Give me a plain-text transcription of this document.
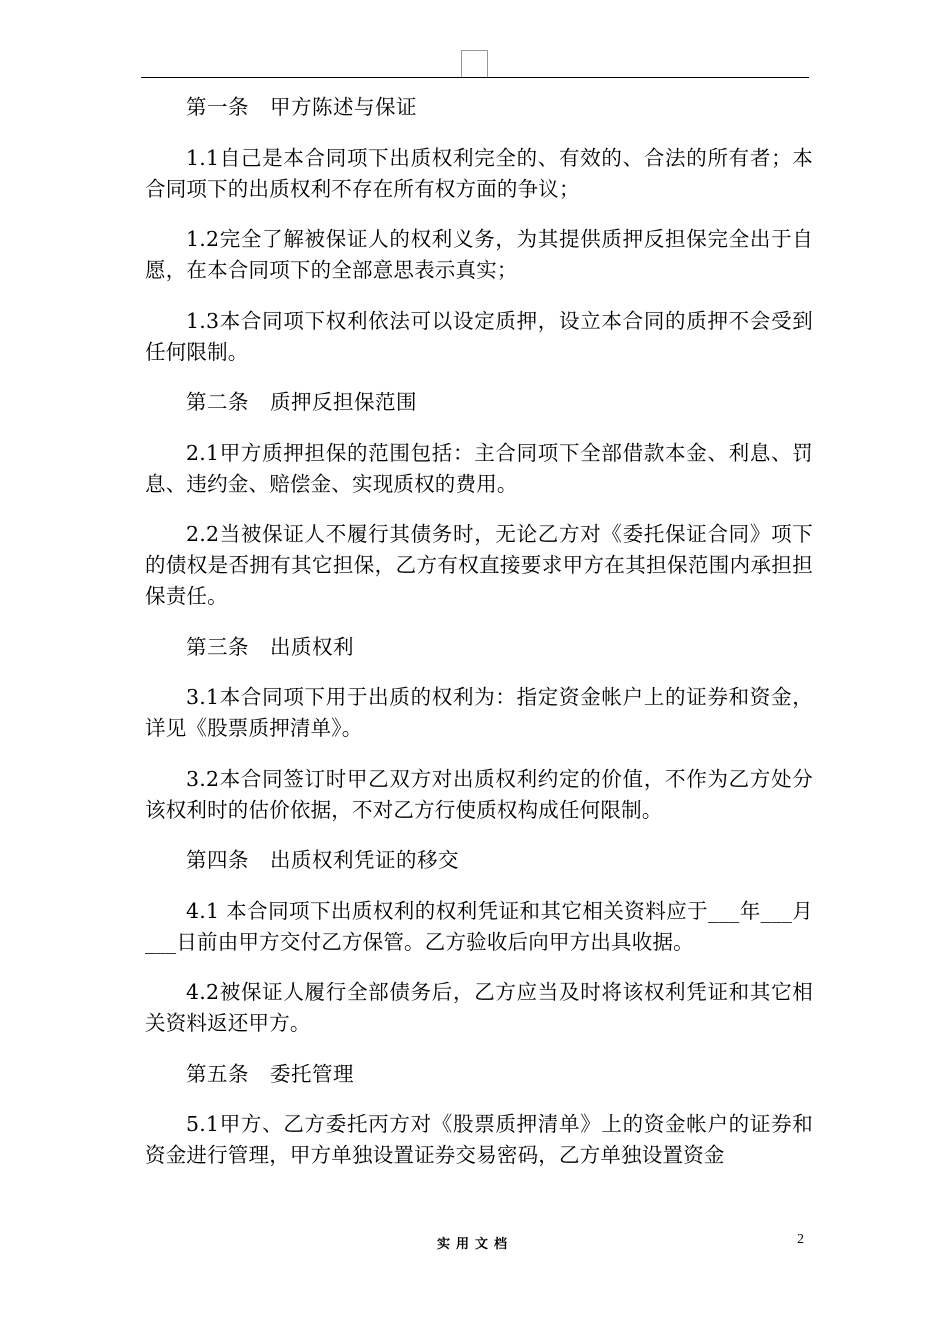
第一条　甲方陈述与保证

1.1自己是本合同项下出质权利完全的、有效的、合法的所有者；本合同项下的出质权利不存在所有权方面的争议；

1.2完全了解被保证人的权利义务，为其提供质押反担保完全出于自愿，在本合同项下的全部意思表示真实；

1.3本合同项下权利依法可以设定质押，设立本合同的质押不会受到任何限制。

第二条　质押反担保范围

2.1甲方质押担保的范围包括：主合同项下全部借款本金、利息、罚息、违约金、赔偿金、实现质权的费用。

2.2当被保证人不履行其债务时，无论乙方对《委托保证合同》项下的债权是否拥有其它担保，乙方有权直接要求甲方在其担保范围内承担担保责任。

第三条　出质权利

3.1本合同项下用于出质的权利为：指定资金帐户上的证券和资金，详见《股票质押清单》。

3.2本合同签订时甲乙双方对出质权利约定的价值，不作为乙方处分该权利时的估价依据，不对乙方行使质权构成任何限制。

第四条　出质权利凭证的移交

4.1 本合同项下出质权利的权利凭证和其它相关资料应于___年___月___日前由甲方交付乙方保管。乙方验收后向甲方出具收据。

4.2被保证人履行全部债务后，乙方应当及时将该权利凭证和其它相关资料返还甲方。

第五条　委托管理

5.1甲方、乙方委托丙方对《股票质押清单》上的资金帐户的证券和资金进行管理，甲方单独设置证券交易密码，乙方单独设置资金

实用文档	2
